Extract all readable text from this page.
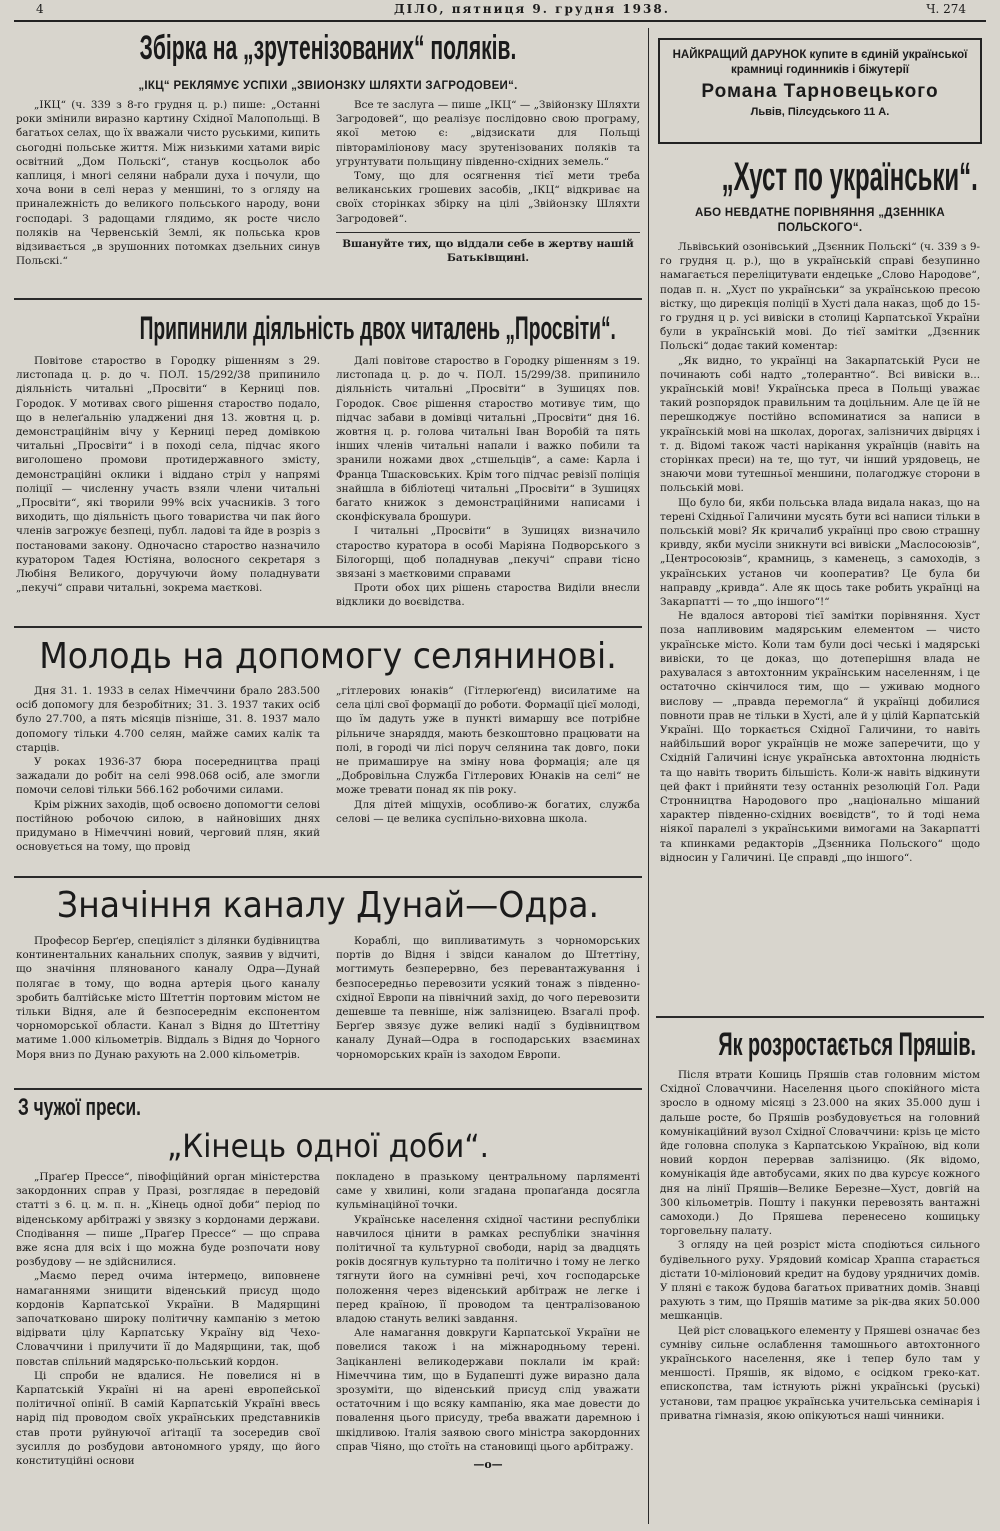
4	ДІЛО, пятниця 9. грудня 1938.	Ч. 274
Збірка на „зрутенізованих“ поляків.
„ІКЦ“ РЕКЛЯМУЄ УСПІХИ „ЗВІЙОНЗКУ ШЛЯХТИ ЗАГРОДОВЕЙ“.

„ІКЦ“ (ч. 339 з 8-го грудня ц. р.) пише: „Останні роки змінили виразно картину Східної Малопольщі. В багатьох селах, що їх вважали чисто руськими, кипить сьогодні польське життя. Між низькими хатами виріс освітний „Дом Польскі“, станув косцьолок або каплиця, і многі селяни набрали духа і почули, що хоча вони в селі нераз у меншині, то з огляду на приналежність до великого польського народу, вони господарі. З радощами глядимо, як росте число поляків на Червенській Землі, як польська кров відзивається „в зрушонних потомках дзельних синув Польскі.“

Все те заслуга — пише „ІКЦ“ — „Звійонзку Шляхти Загродовей“, що реалізує послідовно свою програму, якої метою є: „відзискати для Польщі півтораміліонову масу зрутенізованих поляків та угрунтувати польщину південно-східних земель.“

Тому, що для осягнення тієї мети треба великанських грошевих засобів, „ІКЦ“ відкриває на своїх сторінках збірку на цілі „Звійонзку Шляхти Загродовей“.

Вшануйте тих, що віддали себе в жертву нашій Батьківщині.

НАЙКРАЩИЙ ДАРУНОК купите в єдиній української крамниці годинників і біжутерії
Романа Тарновецького
Львів, Пілсудського 11 А.
Припинили діяльність двох читалень „Просвіти“.

Повітове староство в Городку рішенням з 29. листопада ц. р. до ч. ПОЛ. 15/292/38 припинило діяльність читальні „Просвіти“ в Керниці пов. Городок. У мотивах свого рішення староство подало, що в нелеґальнію уладжениі дня 13. жовтня ц. р. демонстраційнім вічу у Керниці перед домівкою читальні „Просвіти“ і в поході села, підчас якого виголошено промови протидержавного змісту, демонстраційні оклики і віддано стріл у напрямі поліції — численну участь взяли члени читальні „Просвіти“, які творили 99% всіх учасників. З того виходить, що діяльність цього товариства чи пак його членів загрожує безпеці, публ. ладові та йде в розріз з постановами закону. Одночасно староство назначило куратором Тадея Юстіяна, волосного секретаря з Любіня Великого, доручуючи йому поладнувати „пекучі“ справи читальні, зокрема маєткові.

Далі повітове староство в Городку рішенням з 19. листопада ц. р. до ч. ПОЛ. 15/299/38. припинило діяльність читальні „Просвіти“ в Зушицях пов. Городок. Своє рішення староство мотивує тим, що підчас забави в домівці читальні „Просвіти“ дня 16. жовтня ц. р. голова читальні Іван Воробій та пять інших членів читальні напали і важко побили та зранили ножами двох „стшельців“, а саме: Карла і Франца Тшасковських. Крім того підчас ревізії поліція знайшла в бібліотеці читальні „Просвіти“ в Зушицях багато книжок з демонстраційними написами і сконфіскувала брошури.

І читальні „Просвіти“ в Зушицях визначило староство куратора в особі Маріяна Подворського з Білогорщі, щоб поладнував „пекучі“ справи тісно звязані з маєтковими справами

Проти обох цих рішень староства Виділи внесли відклики до воєвідства.

Молодь на допомогу селянинові.

Дня 31. 1. 1933 в селах Німеччини брало 283.500 осіб допомогу для безробітних; 31. 3. 1937 таких осіб було 27.700, а пять місяців пізніше, 31. 8. 1937 мало допомогу тільки 4.700 селян, майже самих калік та старців.

У роках 1936-37 бюра посередництва праці зажадали до робіт на селі 998.068 осіб, але змогли помочи селові тільки 566.162 робочими силами.

Крім ріжних заходів, щоб освоєно допомогти селові постійною робочою силою, в найновіших днях придумано в Німеччині новий, черговий плян, який основується на тому, що провід

„гітлерових юнаків“ (Гітлерюґенд) висилатиме на села цілі свої формації до роботи. Формації цієї молоді, що їм дадуть уже в пункті вимаршу все потрібне рільниче знаряддя, мають безкоштовно працювати на полі, в городі чи лісі поруч селянина так довго, поки не примашируе на зміну нова формація; але ця „Добровільна Служба Гітлерових Юнаків на селі“ не може тревати понад як пів року.

Для дітей міщухів, особливо-ж богатих, служба селові — це велика суспільно-виховна школа.

Значіння каналу Дунай—Одра.

Професор Берґер, спеціяліст з ділянки будівництва континентальних канальних сполук, заявив у відчиті, що значіння плянованого каналу Одра—Дунай полягає в тому, що водна артерія цього каналу зробить балтійське місто Штеттін портовим містом не тільки Відня, але й безпосереднім експонентом чорноморської области. Канал з Відня до Штеттіну матиме 1.000 кільометрів. Віддаль з Відня до Чорного Моря вниз по Дунаю рахують на 2.000 кільометрів.

Кораблі, що випливатимуть з чорноморських портів до Відня і звідси каналом до Штеттіну, могтимуть безперервно, без перевантажування і безпосередньо перевозити усякий тонаж з південно-східної Европи на північний захід, до чого перевозити дешевше та певніше, ніж залізницею. Взагалі проф. Берґер звязує дуже великі надії з будівництвом каналу Дунай—Одра в господарських взаєминах чорноморських країн із заходом Европи.

З чужої преси.
„Кінець одної доби“.

„Праґер Прессе“, півофіційний орган міністерства закордонних справ у Празі, розглядає в передовій статті з 6. ц. м. п. н. „Кінець одної доби“ період по віденському арбітражі у звязку з кордонами держави. Сподівання — пише „Праґер Прессе“ — що справа вже ясна для всіх і що можна буде розпочати нову розбудову — не здійснилися.

„Маємо перед очима інтермецо, виповнене намаганнями знищити віденський присуд щодо кордонів Карпатської України. В Мадярщині започатковано широку політичну кампанію з метою відірвати цілу Карпатську Україну від Чехо-Словаччини і прилучити її до Мадярщини, так, щоб повстав спільний мадярсько-польський кордон.

Ці спроби не вдалися. Не повелися ні в Карпатській Україні ні на арені европейської політичної опінії. В самій Карпатській Україні ввесь нарід під проводом своїх українських представників став проти руйнуючої аґітації та зосередив свої зусилля до розбудови автономного уряду, що його конституційні основи

покладено в празькому центральному парляменті саме у хвилині, коли згадана пропаґанда досягла кульмінаційної точки.

Українське населення східної частини республіки навчилося цінити в рамках республіки значіння політичної та культурної свободи, нарід за двадцять років досягнув культурно та політично і тому не легко тягнути його на сумнівні речі, хоч господарське положення через віденський арбітраж не легке і перед країною, її проводом та централізованою владою стануть великі завдання.

Але намагання довкруги Карпатської України не повелися також і на міжнародньому терені. Заціканлені великодержави поклали ім край: Німеччина тим, що в Будапешті дуже виразно дала зрозуміти, що віденський присуд слід уважати остаточним і що всяку кампанію, яка мае довести до повалення цього присуду, треба вважати даремною і шкідливою. Італія заявою свого міністра закордонних справ Чіяно, що стоїть на становищі цього арбітражу.

—о—
„Хуст по українськи“.
АБО НЕВДАТНЕ ПОРІВНЯННЯ „ДЗЕННІКА ПОЛЬСКОГО“.

Львівський озонівський „Дзєнник Польскі“ (ч. 339 з 9-го грудня ц. р.), що в українській справі безупинно намагається переліцитувати ендецьке „Слово Народове“, подав п. н. „Хуст по українськи“ за українською пресою вістку, що дирекція поліції в Хусті дала наказ, щоб до 15-го грудня ц р. усі вивіски в столиці Карпатської України були в українській мові. До тієї замітки „Дзєнник Польскі“ додає такий коментар:

„Як видно, то українці на Закарпатській Руси не починають собі надто „толерантно“. Всі вивіски в... українській мові! Українська преса в Польщі уважає такий розпорядок правильним та доцільним. Але це їй не перешкоджує постійно вспоминатися за написи в українській мові на школах, дорогах, залізничих двірцях і т. д. Відомі також часті нарікання українців (навіть на сторінках преси) на те, що тут, чи інший урядовець, не знаючи мови тутешньої меншини, полагоджує сторони в польській мові.

Що було би, якби польська влада видала наказ, що на терені Східньої Галичини мусять бути всі написи тільки в польській мові? Як кричалиб українці про свою страшну кривду, якби мусіли зникнути всі вивіски „Маслосоюзів“, „Центросоюзів“, крамниць, з каменець, з самоходів, з українських установ чи кооператив? Це була би направду „кривда“. Але як щось таке робить українці на Закарпатті — то „що іншого“!“

Не вдалося авторові тієї замітки порівняння. Хуст поза напливовим мадярським елементом — чисто українське місто. Коли там були досі чеські і мадярські вивіски, то це доказ, що дотеперішня влада не рахувалася з автохтонним українським населенням, і це остаточно скінчилося тим, що — уживаю модного вислову — „правда перемогла“ й українці добилися повноти прав не тільки в Хусті, але й у цілій Карпатській Україні. Що торкається Східної Галичини, то навіть найбільший ворог українців не може заперечити, що у Східній Галичині існує українська автохтонна людність та що навіть творить більшість. Коли-ж навіть відкинути цей факт і прийняти тезу останніх резолюцій Гол. Ради Стронництва Народового про „національно мішаний характер південно-східних воєвідств“, то й тоді нема ніякої паралелі з українськими вимогами на Закарпатті та кпинками редакторів „Дзєнника Польского“ щодо відносин у Галичині. Це справді „що іншого“.

Як розростається Пряшів.

Після втрати Кошиць Пряшів став головним містом Східної Словаччини. Населення цього спокійного міста зросло в одному місяці з 23.000 на яких 35.000 душ і дальше росте, бо Пряшів розбудовується на головний комунікаційний вузол Східної Словаччини: крізь це місто йде головна сполука з Карпатською Україною, від коли новий кордон перервав залізницю. (Як відомо, комунікація йде автобусами, яких по два курсує кожного дня на лінії Пряшів—Велике Березне—Хуст, довгій на 300 кільометрів. Пошту і пакунки перевозять вантажні самоходи.) До Пряшева перенесено кошицьку торговельну палату.

З огляду на цей розріст міста сподіються сильного будівельного руху. Урядовий комісар Храппа старається дістати 10-міліоновий кредит на будову урядничих домів. У пляні є також будова багатьох приватних домів. Знавці рахують з тим, що Пряшів матиме за рік-два яких 50.000 мешканців.

Цей ріст словацького елементу у Пряшеві означає без сумніву сильне ослаблення тамошнього автохтонного українського населення, яке і тепер було там у меншості. Пряшів, як відомо, є осідком греко-кат. епископства, там істнують ріжні українські (руські) установи, там працює українська учительська семінарія і приватна гімназія, якою опікуються наші чинники.
